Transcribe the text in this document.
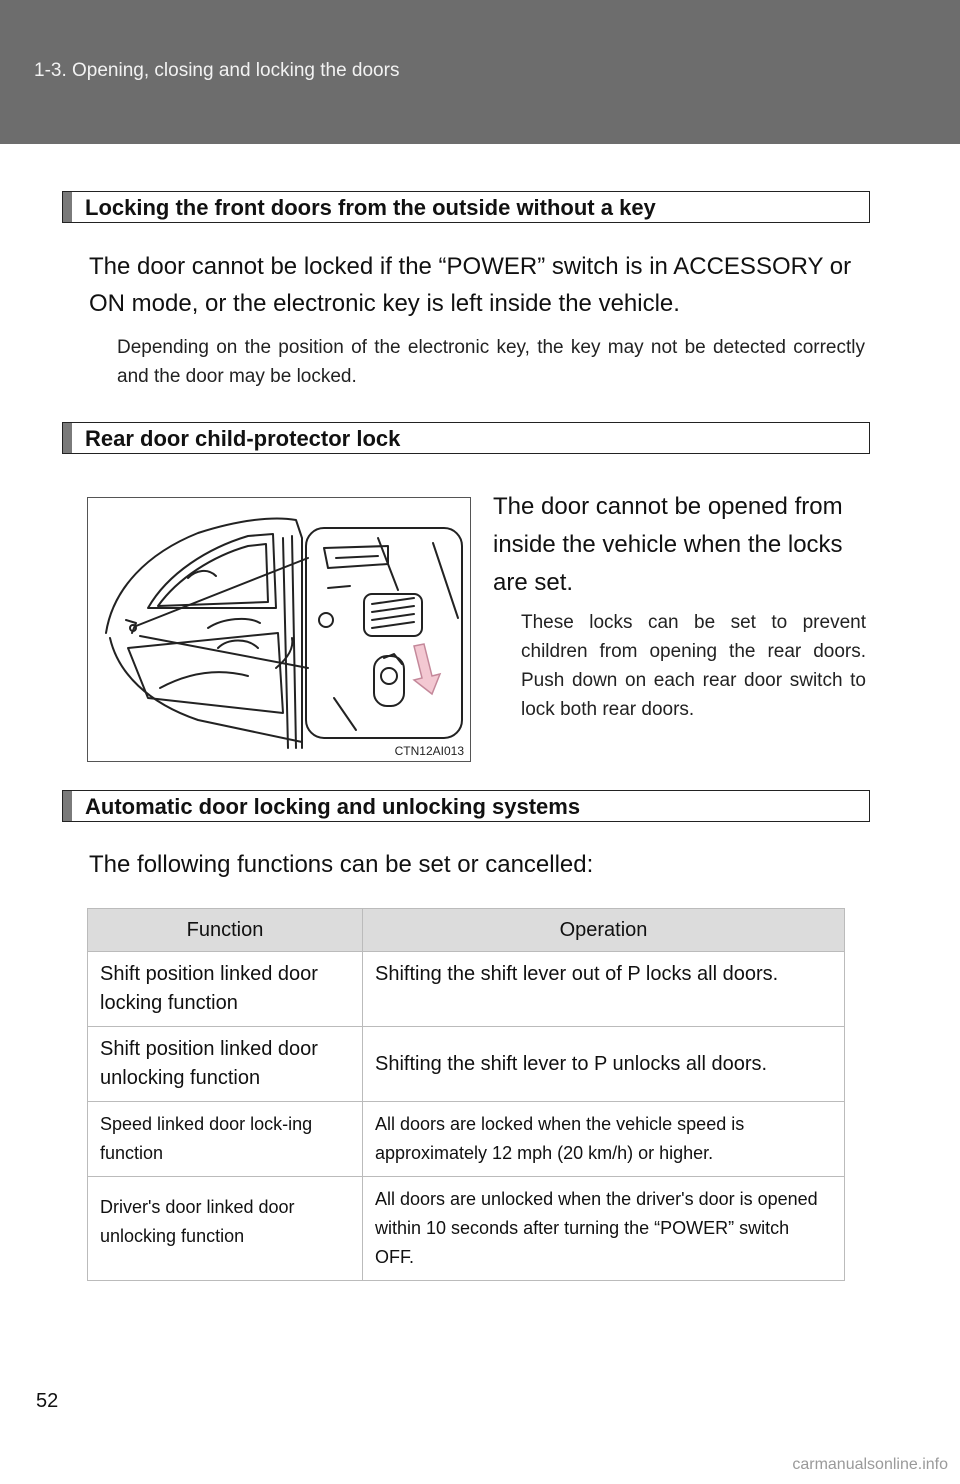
1-3. Opening, closing and locking the doors
Locking the front doors from the outside without a key
The door cannot be locked if the “POWER” switch is in ACCESSORY or ON mode, or the electronic key is left inside the vehicle.
Depending on the position of the electronic key, the key may not be detected correctly and the door may be locked.
Rear door child-protector lock
CTN12AI013
The door cannot be opened from inside the vehicle when the locks are set.
These locks can be set to prevent children from opening the rear doors. Push down on each rear door switch to lock both rear doors.
Automatic door locking and unlocking systems
The following functions can be set or cancelled:
Function	Operation
Shift position linked door locking function	Shifting the shift lever out of P locks all doors.
Shift position linked door unlocking function	Shifting the shift lever to P unlocks all doors.
Speed linked door lock-ing function	All doors are locked when the vehicle speed is approximately 12 mph (20 km/h) or higher.
Driver's door linked door unlocking function	All doors are unlocked when the driver's door is opened within 10 seconds after turning the “POWER” switch OFF.
52
carmanualsonline.info
